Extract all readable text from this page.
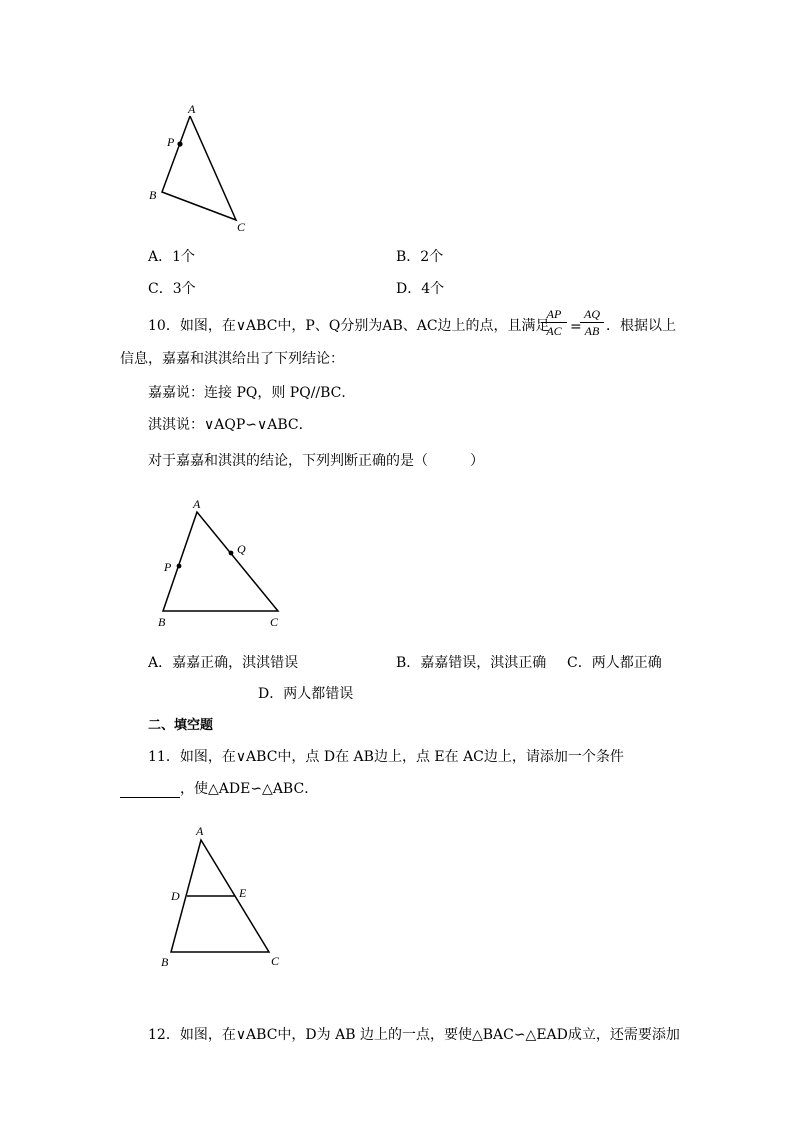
A
P
B
C
A．1个	B．2个
C．3个	D．4个
10．如图，在∨ABC中，P、Q分别为AB、AC边上的点，且满足
AP
AC =
AQ
AB ．根据以上
信息，嘉嘉和淇淇给出了下列结论：
嘉嘉说：连接 PQ，则 PQ//BC．
淇淇说：∨AQP∽∨ABC．
对于嘉嘉和淇淇的结论，下列判断正确的是（　　　）
A
P
Q
B	C
A．嘉嘉正确，淇淇错误	B．嘉嘉错误，淇淇正确 C．两人都正确
D．两人都错误
二、填空题
11．如图，在∨ABC中，点 D在 AB边上，点 E在 AC边上，请添加一个条件
，使△ADE∽△ABC．
A
D	E
B	C
12．如图，在∨ABC中，D为 AB 边上的一点，要使△BAC∽△EAD成立，还需要添加
